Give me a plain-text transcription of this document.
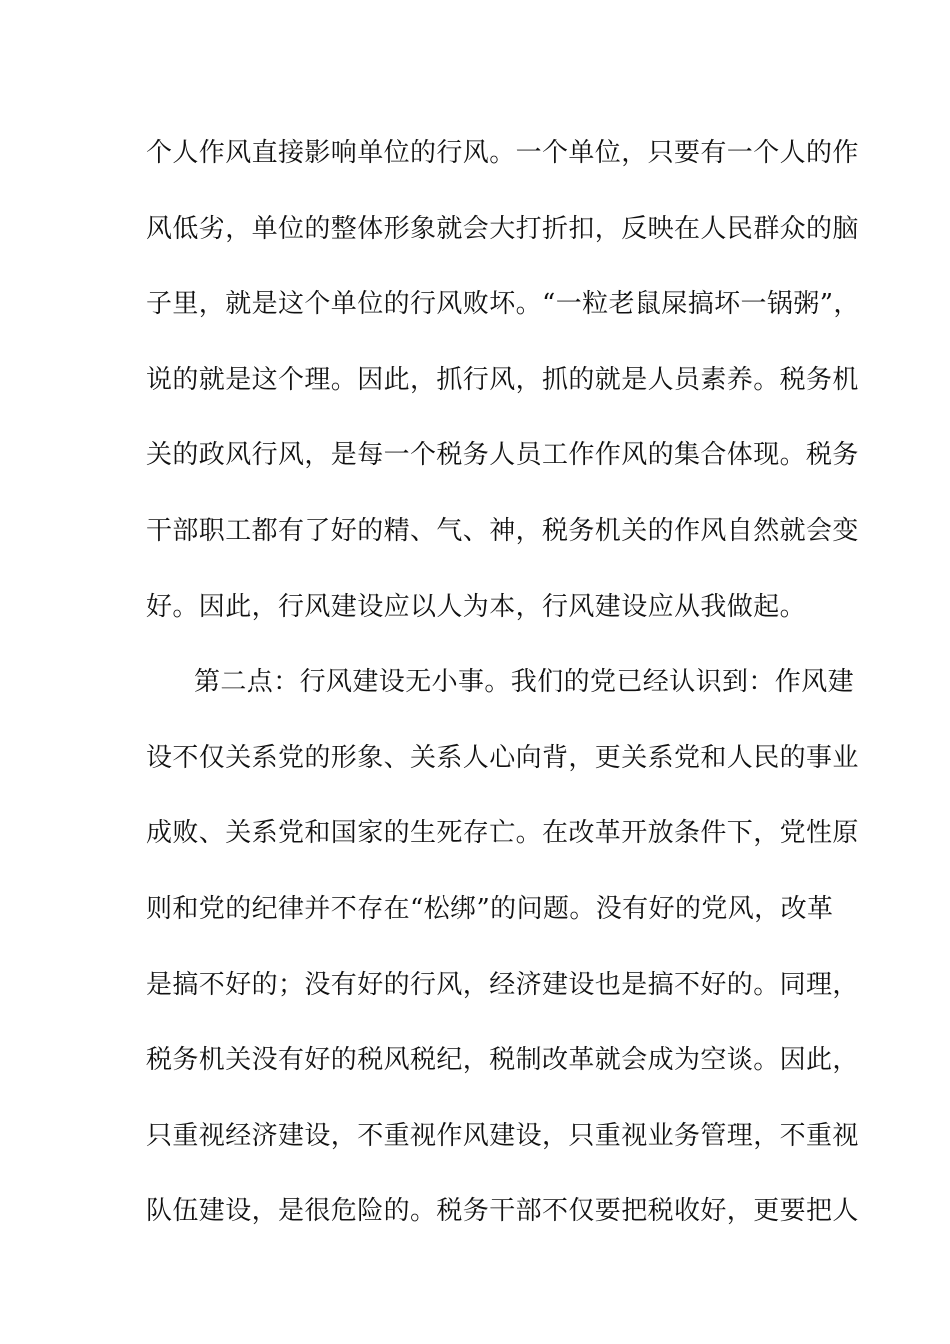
个人作风直接影响单位的行风。一个单位，只要有一个人的作
风低劣，单位的整体形象就会大打折扣，反映在人民群众的脑
子里，就是这个单位的行风败坏。“一粒老鼠屎搞坏一锅粥”，
说的就是这个理。因此，抓行风，抓的就是人员素养。税务机
关的政风行风，是每一个税务人员工作作风的集合体现。税务
干部职工都有了好的精、气、神，税务机关的作风自然就会变
好。因此，行风建设应以人为本，行风建设应从我做起。
第二点：行风建设无小事。我们的党已经认识到：作风建
设不仅关系党的形象、关系人心向背，更关系党和人民的事业
成败、关系党和国家的生死存亡。在改革开放条件下，党性原
则和党的纪律并不存在“松绑”的问题。没有好的党风，改革
是搞不好的；没有好的行风，经济建设也是搞不好的。同理，
税务机关没有好的税风税纪，税制改革就会成为空谈。因此，
只重视经济建设，不重视作风建设，只重视业务管理，不重视
队伍建设，是很危险的。税务干部不仅要把税收好，更要把人
